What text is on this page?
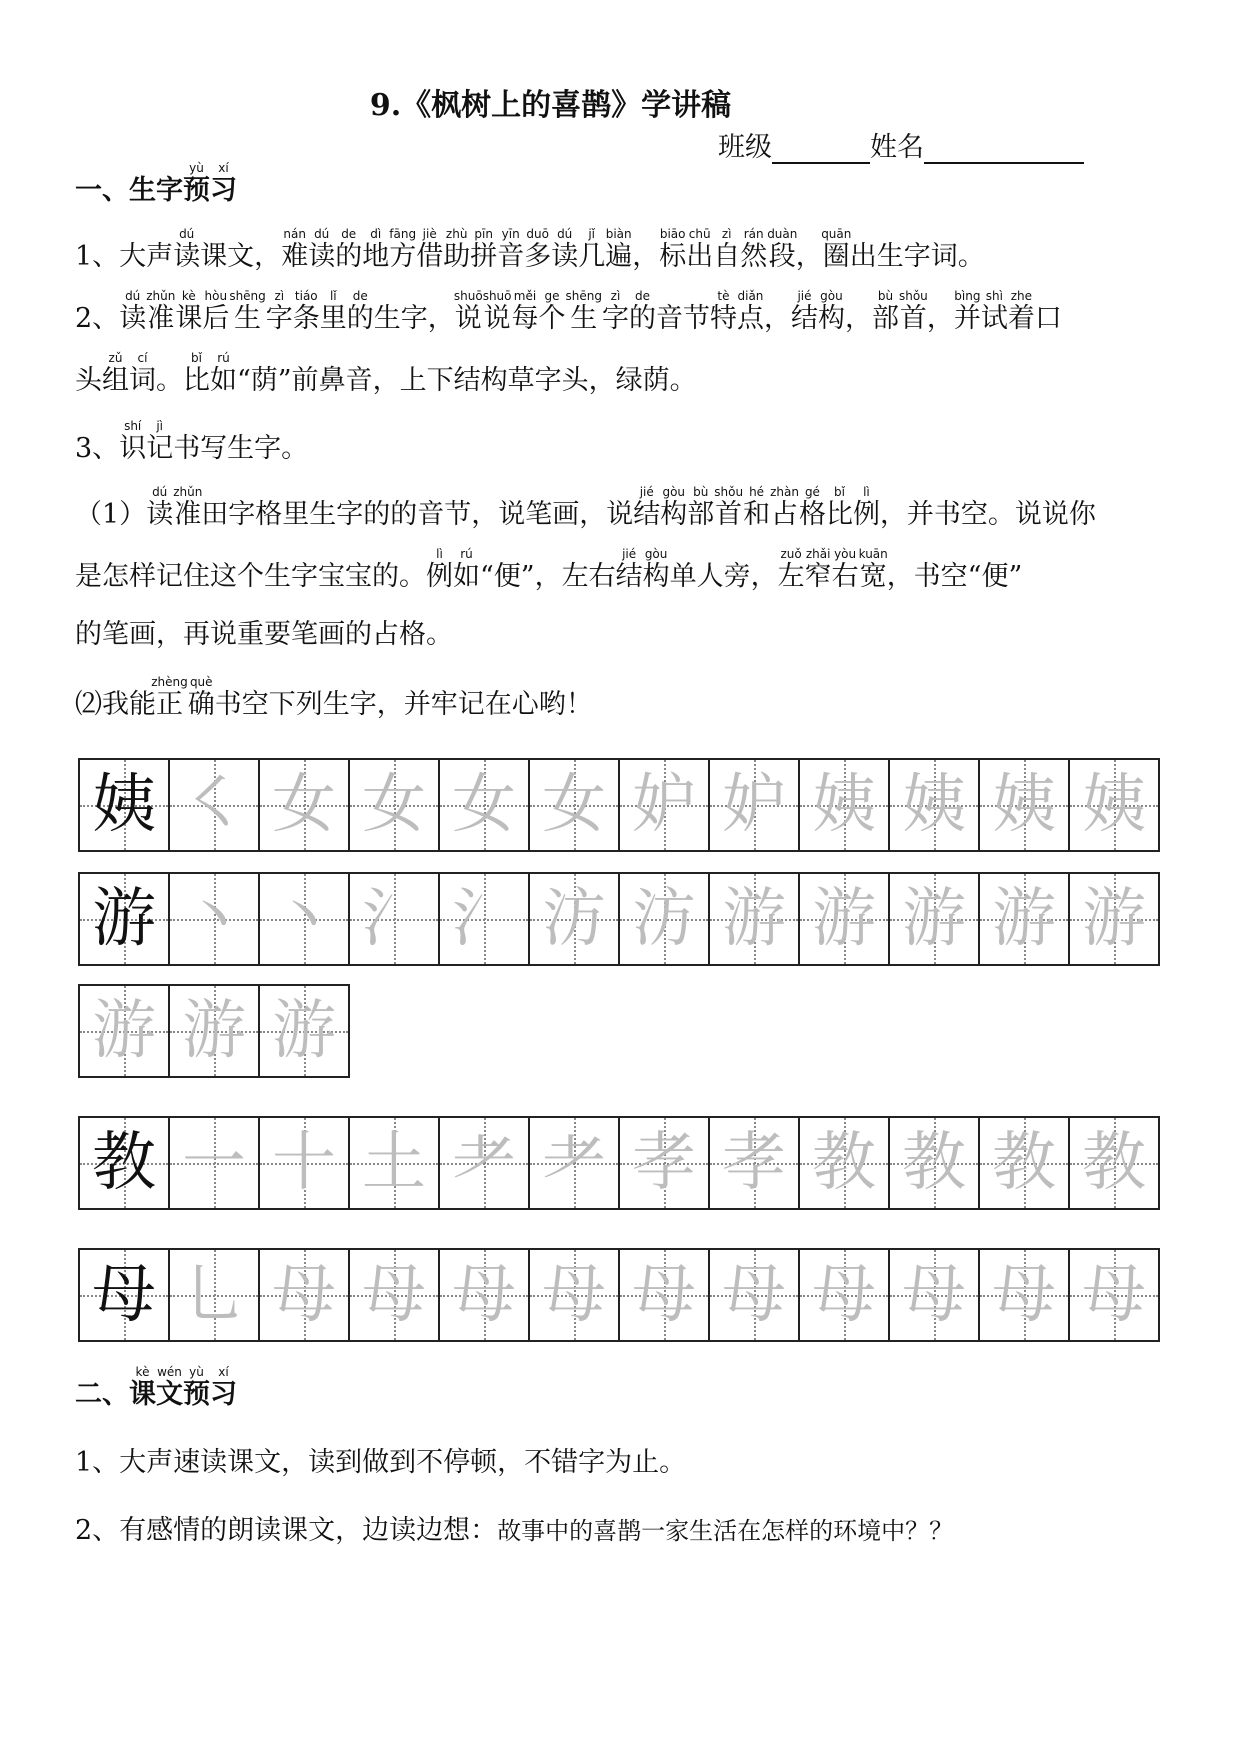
9.《枫树上的喜鹊》学讲稿
班级	姓名
一、生字预yù习xí
1、大声读dú课文，难nán读dú的de地dì方fāng借jiè助zhù拼pīn音yīn多duō读dú几jǐ遍biàn，标biāo出chū自zì然rán段duàn，圈quān出生字词。
2、读dú准zhǔn课kè后hòu生shēng字zì条tiáo里lǐ的de生字，说shuō说shuō每měi个ge生shēng字zì的de音节特tè点diǎn，结jié构gòu，部bù首shǒu，并bìng试shì着zhe口
头组zǔ词cí。比bǐ如rú“荫”前鼻音，上下结构草字头，绿荫。
3、识shí记jì书写生字。
（1）读dú准zhǔn田字格里生字的的音节，说笔画，说结jié构gòu部bù首shǒu和hé占zhàn格gé比bǐ例lì，并书空。说说你
是怎样记住这个生字宝宝的。例lì如rú“便”，左右结jié构gòu单人旁，左zuǒ窄zhǎi右yòu宽kuān，书空“便”
的笔画，再说重要笔画的占格。
⑵我能正zhèng确què书空下列生字，并牢记在心哟！
姨 ㇛ 女 女 女 女 妒 妒 姨 姨 姨 姨
游 丶 丶 氵 氵 汸 汸 游 游 游 游 游
游 游 游
教 一 十 土 耂 耂 孝 孝 教 教 教 教
母 乚 母 母 母 母 母 母 母 母 母 母
二、课kè文wén预yù习xí
1、大声速读课文，读到做到不停顿，不错字为止。
2、有感情的朗读课文，边读边想：故事中的喜鹊一家生活在怎样的环境中？？
